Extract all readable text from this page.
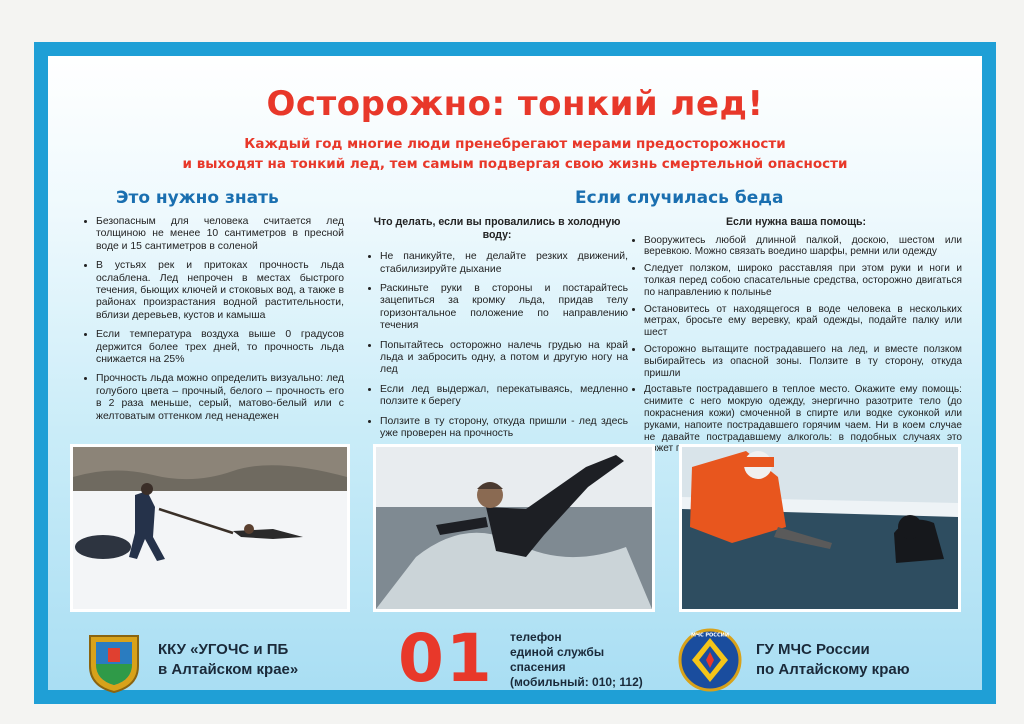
Осторожно: тонкий лед!
Каждый год многие люди пренебрегают мерами предосторожности
и выходят на тонкий лед, тем самым подвергая свою жизнь смертельной опасности
Это нужно знать	Если случилась беда
• Безопасным для человека считается лед толщиною не менее 10 сантиметров в пресной воде и 15 сантиметров в соленой
• В устьях рек и притоках прочность льда ослаблена. Лед непрочен в местах быстрого течения, бьющих ключей и стоковых вод, а также в районах произрастания водной растительности, вблизи деревьев, кустов и камыша
• Если температура воздуха выше 0 градусов держится более трех дней, то прочность льда снижается на 25%
• Прочность льда можно определить визуально: лед голубого цвета – прочный, белого – прочность его в 2 раза меньше, серый, матово-белый или с желтоватым оттенком лед ненадежен
Что делать, если вы провалились в холодную воду:
• Не паникуйте, не делайте резких движений, стабилизируйте дыхание
• Раскиньте руки в стороны и постарайтесь зацепиться за кромку льда, придав телу горизонтальное положение по направлению течения
• Попытайтесь осторожно налечь грудью на край льда и забросить одну, а потом и другую ногу на лед
• Если лед выдержал, перекатываясь, медленно ползите к берегу
• Ползите в ту сторону, откуда пришли - лед здесь уже проверен на прочность
Если нужна ваша помощь:
• Вооружитесь любой длинной палкой, доскою, шестом или веревкою. Можно связать воедино шарфы, ремни или одежду
• Следует ползком, широко расставляя при этом руки и ноги и толкая перед собою спасательные средства, осторожно двигаться по направлению к полынье
• Остановитесь от находящегося в воде человека в нескольких метрах, бросьте ему веревку, край одежды, подайте палку или шест
• Осторожно вытащите пострадавшего на лед, и вместе ползком выбирайтесь из опасной зоны. Ползите в ту сторону, откуда пришли
• Доставьте пострадавшего в теплое место. Окажите ему помощь: снимите с него мокрую одежду, энергично разотрите тело (до покраснения кожи) смоченной в спирте или водке суконкой или руками, напоите пострадавшего горячим чаем. Ни в коем случае не давайте пострадавшему алкоголь: в подобных случаях это может
ККУ «УГОЧС и ПБ
в Алтайском крае» 01 телефон
единой службы
спасения
(мобильный: 010; 112)
МЧС РОССИИ
ГУ МЧС России
по Алтайскому краю
